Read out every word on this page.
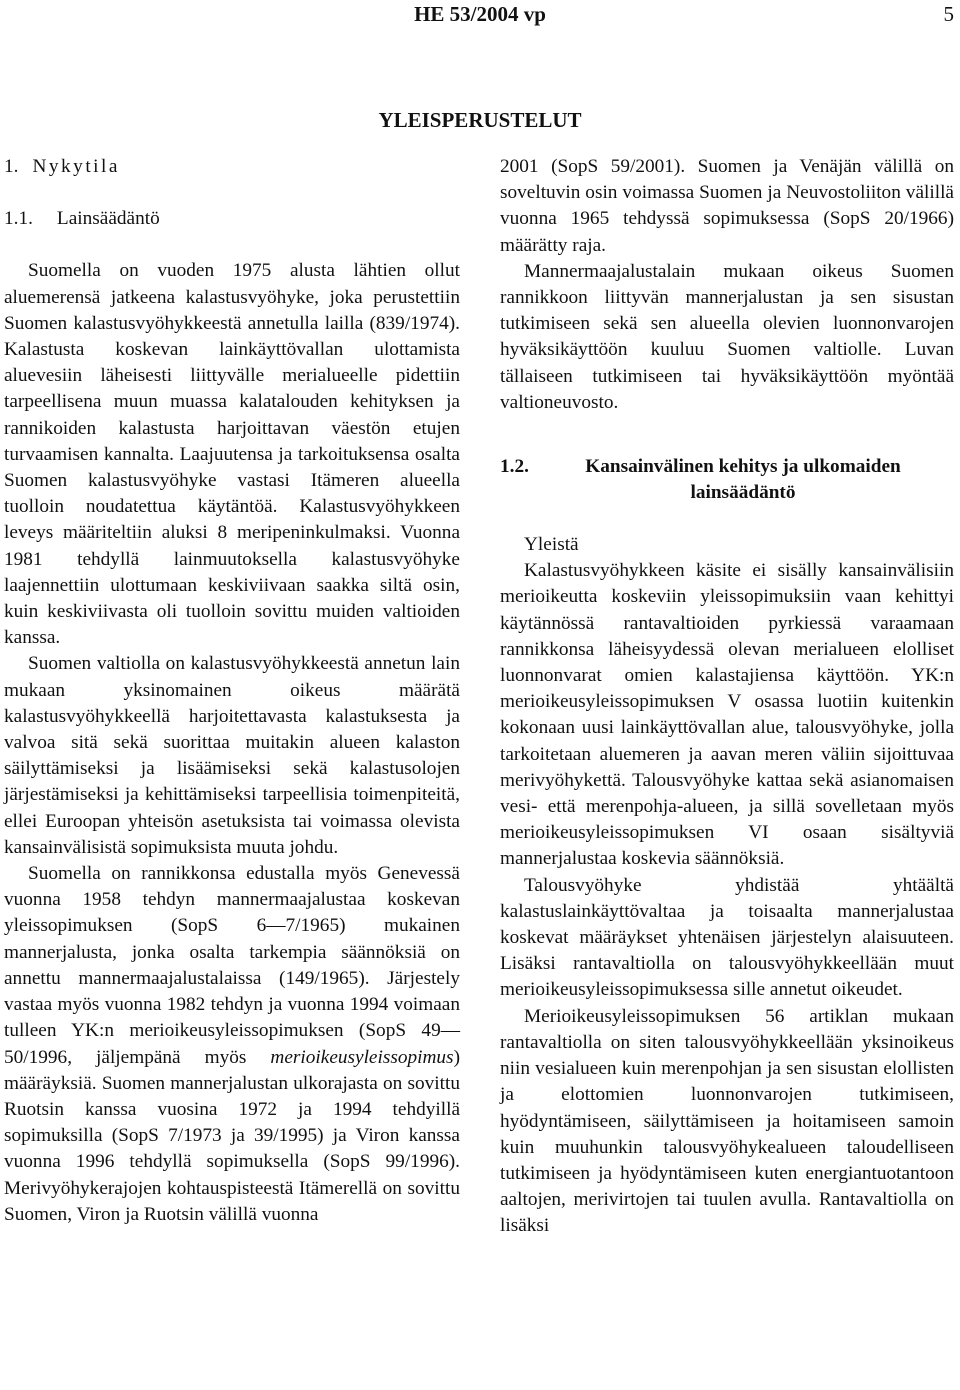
HE 53/2004 vp	5
YLEISPERUSTELUT
1. Nykytila
1.1. Lainsäädäntö

Suomella on vuoden 1975 alusta lähtien ollut aluemerensä jatkeena kalastusvyöhyke, joka perustettiin Suomen kalastusvyöhykkeestä annetulla lailla (839/1974). Kalastusta koskevan lainkäyttövallan ulottamista aluevesiin läheisesti liittyvälle merialueelle pidettiin tarpeellisena muun muassa kalatalouden kehityksen ja rannikoiden kalastusta harjoittavan väestön etujen turvaamisen kannalta. Laajuutensa ja tarkoituksensa osalta Suomen kalastusvyöhyke vastasi Itämeren alueella tuolloin noudatettua käytäntöä. Kalastusvyöhykkeen leveys määriteltiin aluksi 8 meripeninkulmaksi. Vuonna 1981 tehdyllä lainmuutoksella kalastusvyöhyke laajennettiin ulottumaan keskiviivaan saakka siltä osin, kuin keskiviivasta oli tuolloin sovittu muiden valtioiden kanssa.

Suomen valtiolla on kalastusvyöhykkeestä annetun lain mukaan yksinomainen oikeus määrätä kalastusvyöhykkeellä harjoitettavasta kalastuksesta ja valvoa sitä sekä suorittaa muitakin alueen kalaston säilyttämiseksi ja lisäämiseksi sekä kalastusolojen järjestämiseksi ja kehittämiseksi tarpeellisia toimenpiteitä, ellei Euroopan yhteisön asetuksista tai voimassa olevista kansainvälisistä sopimuksista muuta johdu.

Suomella on rannikkonsa edustalla myös Genevessä vuonna 1958 tehdyn mannermaajalustaa koskevan yleissopimuksen (SopS 6—7/1965) mukainen mannerjalusta, jonka osalta tarkempia säännöksiä on annettu mannermaajalustalaissa (149/1965). Järjestely vastaa myös vuonna 1982 tehdyn ja vuonna 1994 voimaan tulleen YK:n merioikeusyleissopimuksen (SopS 49—50/1996, jäljempänä myös merioikeusyleissopimus) määräyksiä. Suomen mannerjalustan ulkorajasta on sovittu Ruotsin kanssa vuosina 1972 ja 1994 tehdyillä sopimuksilla (SopS 7/1973 ja 39/1995) ja Viron kanssa vuonna 1996 tehdyllä sopimuksella (SopS 99/1996). Merivyöhykerajojen kohtauspisteestä Itämerellä on sovittu Suomen, Viron ja Ruotsin välillä vuonna

2001 (SopS 59/2001). Suomen ja Venäjän välillä on soveltuvin osin voimassa Suomen ja Neuvostoliiton välillä vuonna 1965 tehdyssä sopimuksessa (SopS 20/1966) määrätty raja.

Mannermaajalustalain mukaan oikeus Suomen rannikkoon liittyvän mannerjalustan ja sen sisustan tutkimiseen sekä sen alueella olevien luonnonvarojen hyväksikäyttöön kuuluu Suomen valtiolle. Luvan tällaiseen tutkimiseen tai hyväksikäyttöön myöntää valtioneuvosto.

1.2.	Kansainvälinen kehitys ja ulkomaiden lainsäädäntö

Yleistä

Kalastusvyöhykkeen käsite ei sisälly kansainvälisiin merioikeutta koskeviin yleissopimuksiin vaan kehittyi käytännössä rantavaltioiden pyrkiessä varaamaan rannikkonsa läheisyydessä olevan merialueen elolliset luonnonvarat omien kalastajiensa käyttöön. YK:n merioikeusyleissopimuksen V osassa luotiin kuitenkin kokonaan uusi lainkäyttövallan alue, talousvyöhyke, jolla tarkoitetaan aluemeren ja aavan meren väliin sijoittuvaa merivyöhykettä. Talousvyöhyke kattaa sekä asianomaisen vesi- että merenpohja-alueen, ja sillä sovelletaan myös merioikeusyleissopimuksen VI osaan sisältyviä mannerjalustaa koskevia säännöksiä.

Talousvyöhyke yhdistää yhtäältä kalastuslainkäyttövaltaa ja toisaalta mannerjalustaa koskevat määräykset yhtenäisen järjestelyn alaisuuteen. Lisäksi rantavaltiolla on talousvyöhykkeellään muut merioikeusyleissopimuksessa sille annetut oikeudet.

Merioikeusyleissopimuksen 56 artiklan mukaan rantavaltiolla on siten talousvyöhykkeellään yksinoikeus niin vesialueen kuin merenpohjan ja sen sisustan elollisten ja elottomien luonnonvarojen tutkimiseen, hyödyntämiseen, säilyttämiseen ja hoitamiseen samoin kuin muuhunkin talousvyöhykealueen taloudelliseen tutkimiseen ja hyödyntämiseen kuten energiantuotantoon aaltojen, merivirtojen tai tuulen avulla. Rantavaltiolla on lisäksi
